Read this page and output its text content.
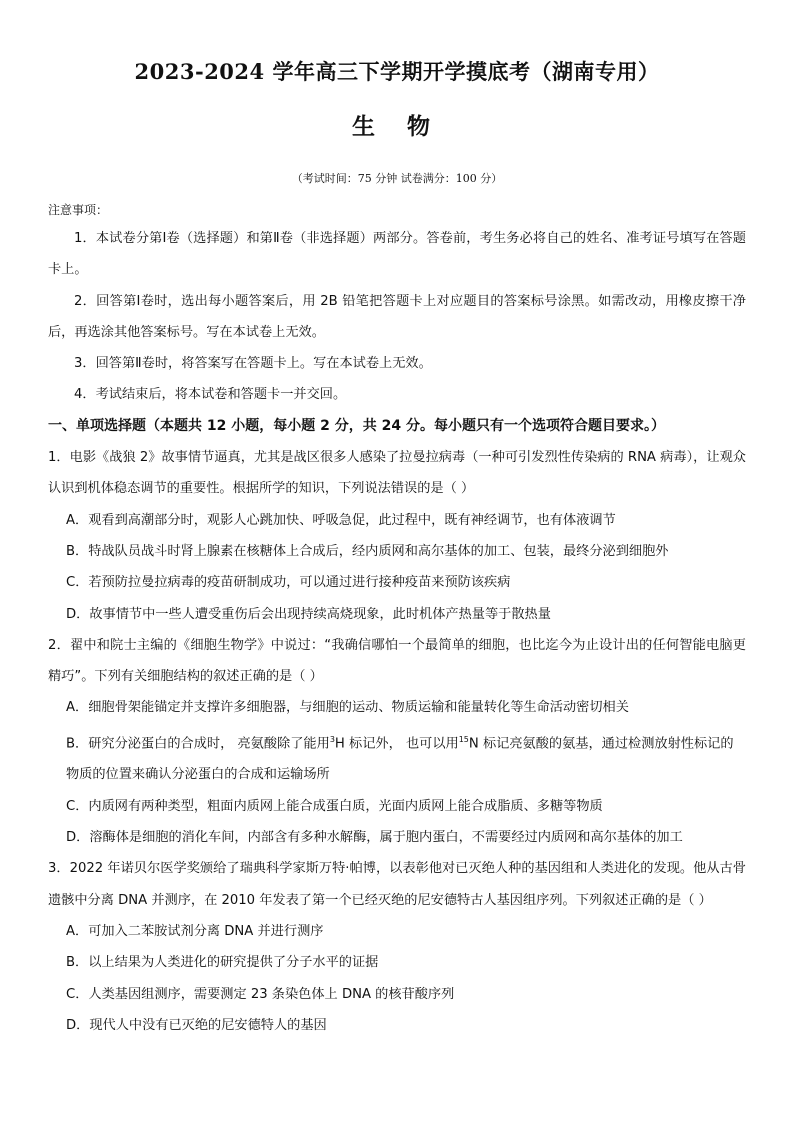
2023-2024 学年高三下学期开学摸底考（湖南专用）
生 物
（考试时间：75 分钟 试卷满分：100 分）
注意事项：

1．本试卷分第Ⅰ卷（选择题）和第Ⅱ卷（非选择题）两部分。答卷前，考生务必将自己的姓名、准考证号填写在答题卡上。

2．回答第Ⅰ卷时，选出每小题答案后，用 2B 铅笔把答题卡上对应题目的答案标号涂黑。如需改动，用橡皮擦干净后，再选涂其他答案标号。写在本试卷上无效。

3．回答第Ⅱ卷时，将答案写在答题卡上。写在本试卷上无效。

4．考试结束后，将本试卷和答题卡一并交回。

一、单项选择题（本题共 12 小题，每小题 2 分，共 24 分。每小题只有一个选项符合题目要求。）

1．电影《战狼 2》故事情节逼真，尤其是战区很多人感染了拉曼拉病毒（一种可引发烈性传染病的 RNA 病毒），让观众认识到机体稳态调节的重要性。根据所学的知识，下列说法错误的是（ ）

A．观看到高潮部分时，观影人心跳加快、呼吸急促，此过程中，既有神经调节，也有体液调节

B．特战队员战斗时肾上腺素在核糖体上合成后，经内质网和高尔基体的加工、包装，最终分泌到细胞外

C．若预防拉曼拉病毒的疫苗研制成功，可以通过进行接种疫苗来预防该疾病

D．故事情节中一些人遭受重伤后会出现持续高烧现象，此时机体产热量等于散热量

2．翟中和院士主编的《细胞生物学》中说过：“我确信哪怕一个最简单的细胞，也比迄今为止设计出的任何智能电脑更精巧”。下列有关细胞结构的叙述正确的是（ ）

A．细胞骨架能锚定并支撑许多细胞器，与细胞的运动、物质运输和能量转化等生命活动密切相关

B．研究分泌蛋白的合成时， 亮氨酸除了能用$^3$H 标记外， 也可以用$^{15}$N 标记亮氨酸的氨基，通过检测放射性标记的物质的位置来确认分泌蛋白的合成和运输场所

C．内质网有两种类型，粗面内质网上能合成蛋白质，光面内质网上能合成脂质、多糖等物质

D．溶酶体是细胞的消化车间，内部含有多种水解酶，属于胞内蛋白，不需要经过内质网和高尔基体的加工

3．2022 年诺贝尔医学奖颁给了瑞典科学家斯万特·帕博，以表彰他对已灭绝人种的基因组和人类进化的发现。他从古骨遗骸中分离 DNA 并测序，在 2010 年发表了第一个已经灭绝的尼安德特古人基因组序列。下列叙述正确的是（ ）

A．可加入二苯胺试剂分离 DNA 并进行测序

B．以上结果为人类进化的研究提供了分子水平的证据

C．人类基因组测序，需要测定 23 条染色体上 DNA 的核苷酸序列

D．现代人中没有已灭绝的尼安德特人的基因
